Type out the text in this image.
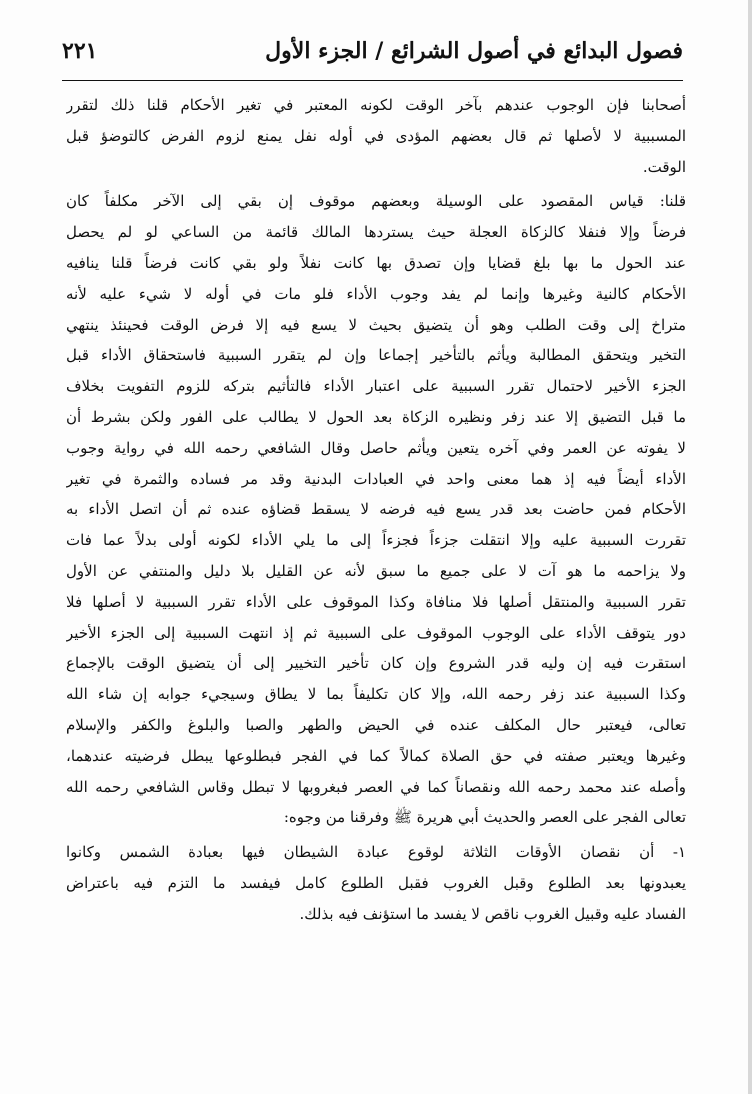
فصول البدائع في أصول الشرائع / الجزء الأول
٢٢١
أصحابنا فإن الوجوب عندهم بآخر الوقت لكونه المعتبر في تغير الأحكام قلنا ذلك لتقرر
المسببية لا لأصلها ثم قال بعضهم المؤدى في أوله نفل يمنع لزوم الفرض كالتوضؤ قبل
الوقت.
قلنا: قياس المقصود على الوسيلة وبعضهم موقوف إن بقي إلى الآخر مكلفاً كان
فرضاً وإلا فنفلا كالزكاة العجلة حيث يستردها المالك قائمة من الساعي لو لم يحصل
عند الحول ما بها بلغ قضايا وإن تصدق بها كانت نفلاً ولو بقي كانت فرضاً قلنا ينافيه
الأحكام كالنية وغيرها وإنما لم يفد وجوب الأداء فلو مات في أوله لا شيء عليه لأنه
متراخ إلى وقت الطلب وهو أن يتضيق بحيث لا يسع فيه إلا فرض الوقت فحينئذ ينتهي
التخير ويتحقق المطالبة ويأثم بالتأخير إجماعا وإن لم يتقرر السببية فاستحقاق الأداء قبل
الجزء الأخير لاحتمال تقرر السببية على اعتبار الأداء فالتأثيم بتركه للزوم التفويت بخلاف
ما قبل التضيق إلا عند زفر ونظيره الزكاة بعد الحول لا يطالب على الفور ولكن بشرط أن
لا يفوته عن العمر وفي آخره يتعين ويأثم حاصل وقال الشافعي رحمه الله في رواية وجوب
الأداء أيضاً فيه إذ هما معنى واحد في العبادات البدنية وقد مر فساده والثمرة في تغير
الأحكام فمن حاضت بعد قدر يسع فيه فرضه لا يسقط قضاؤه عنده ثم أن اتصل الأداء به
تقررت السببية عليه وإلا انتقلت جزءاً فجزءاً إلى ما يلي الأداء لكونه أولى بدلاً عما فات
ولا يزاحمه ما هو آت لا على جميع ما سبق لأنه عن القليل بلا دليل والمنتفي عن الأول
تقرر السببية والمنتقل أصلها فلا منافاة وكذا الموقوف على الأداء تقرر السببية لا أصلها فلا
دور يتوقف الأداء على الوجوب الموقوف على السببية ثم إذ انتهت السببية إلى الجزء الأخير
استقرت فيه إن وليه قدر الشروع وإن كان تأخير التخيير إلى أن يتضيق الوقت بالإجماع
وكذا السببية عند زفر رحمه الله، وإلا كان تكليفاً بما لا يطاق وسيجيء جوابه إن شاء الله
تعالى، فيعتبر حال المكلف عنده في الحيض والطهر والصبا والبلوغ والكفر والإسلام
وغيرها ويعتبر صفته في حق الصلاة كمالاً كما في الفجر فبطلوعها يبطل فرضيته عندهما،
وأصله عند محمد رحمه الله ونقصاناً كما في العصر فبغروبها لا تبطل وقاس الشافعي رحمه الله
تعالى الفجر على العصر والحديث أبي هريرة ﷺ وفرقنا من وجوه:
١- أن نقصان الأوقات الثلاثة لوقوع عبادة الشيطان فيها بعبادة الشمس وكانوا
يعبدونها بعد الطلوع وقبل الغروب فقبل الطلوع كامل فيفسد ما التزم فيه باعتراض
الفساد عليه وقبيل الغروب ناقص لا يفسد ما استؤنف فيه بذلك.
